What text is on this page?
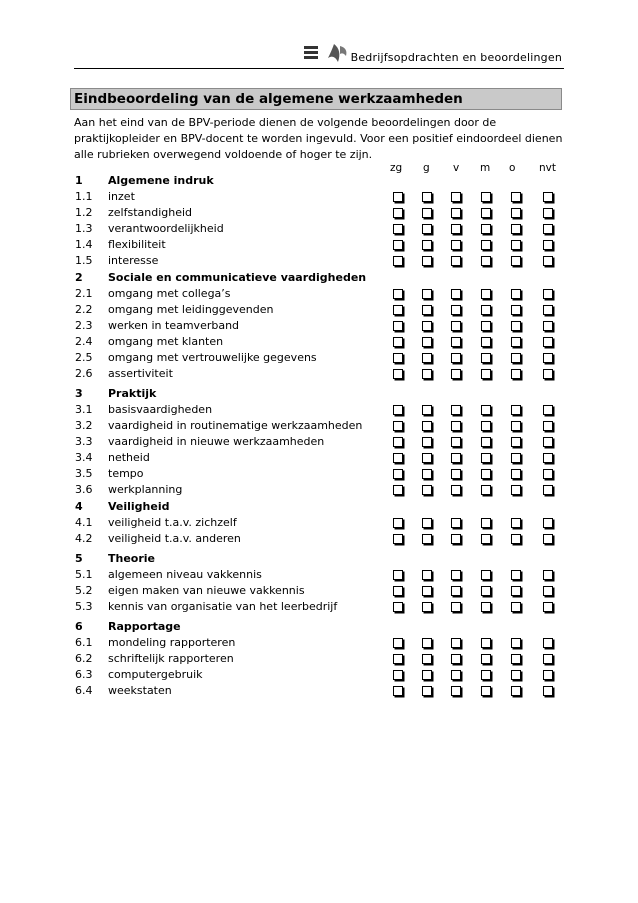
Bedrijfsopdrachten en beoordelingen
Eindbeoordeling van de algemene werkzaamheden
Aan het eind van de BPV-periode dienen de volgende beoordelingen door de
praktijkopleider en BPV-docent te worden ingevuld. Voor een positief eindoordeel dienen
alle rubrieken overwegend voldoende of hoger te zijn.
zg g v m o nvt
1 Algemene indruk
1.1 inzet
1.2 zelfstandigheid
1.3 verantwoordelijkheid
1.4 flexibiliteit
1.5 interesse
2 Sociale en communicatieve vaardigheden
2.1 omgang met collega’s
2.2 omgang met leidinggevenden
2.3 werken in teamverband
2.4 omgang met klanten
2.5 omgang met vertrouwelijke gegevens
2.6 assertiviteit
3 Praktijk
3.1 basisvaardigheden
3.2 vaardigheid in routinematige werkzaamheden
3.3 vaardigheid in nieuwe werkzaamheden
3.4 netheid
3.5 tempo
3.6 werkplanning
4 Veiligheid
4.1 veiligheid t.a.v. zichzelf
4.2 veiligheid t.a.v. anderen
5 Theorie
5.1 algemeen niveau vakkennis
5.2 eigen maken van nieuwe vakkennis
5.3 kennis van organisatie van het leerbedrijf
6 Rapportage
6.1 mondeling rapporteren
6.2 schriftelijk rapporteren
6.3 computergebruik
6.4 weekstaten
